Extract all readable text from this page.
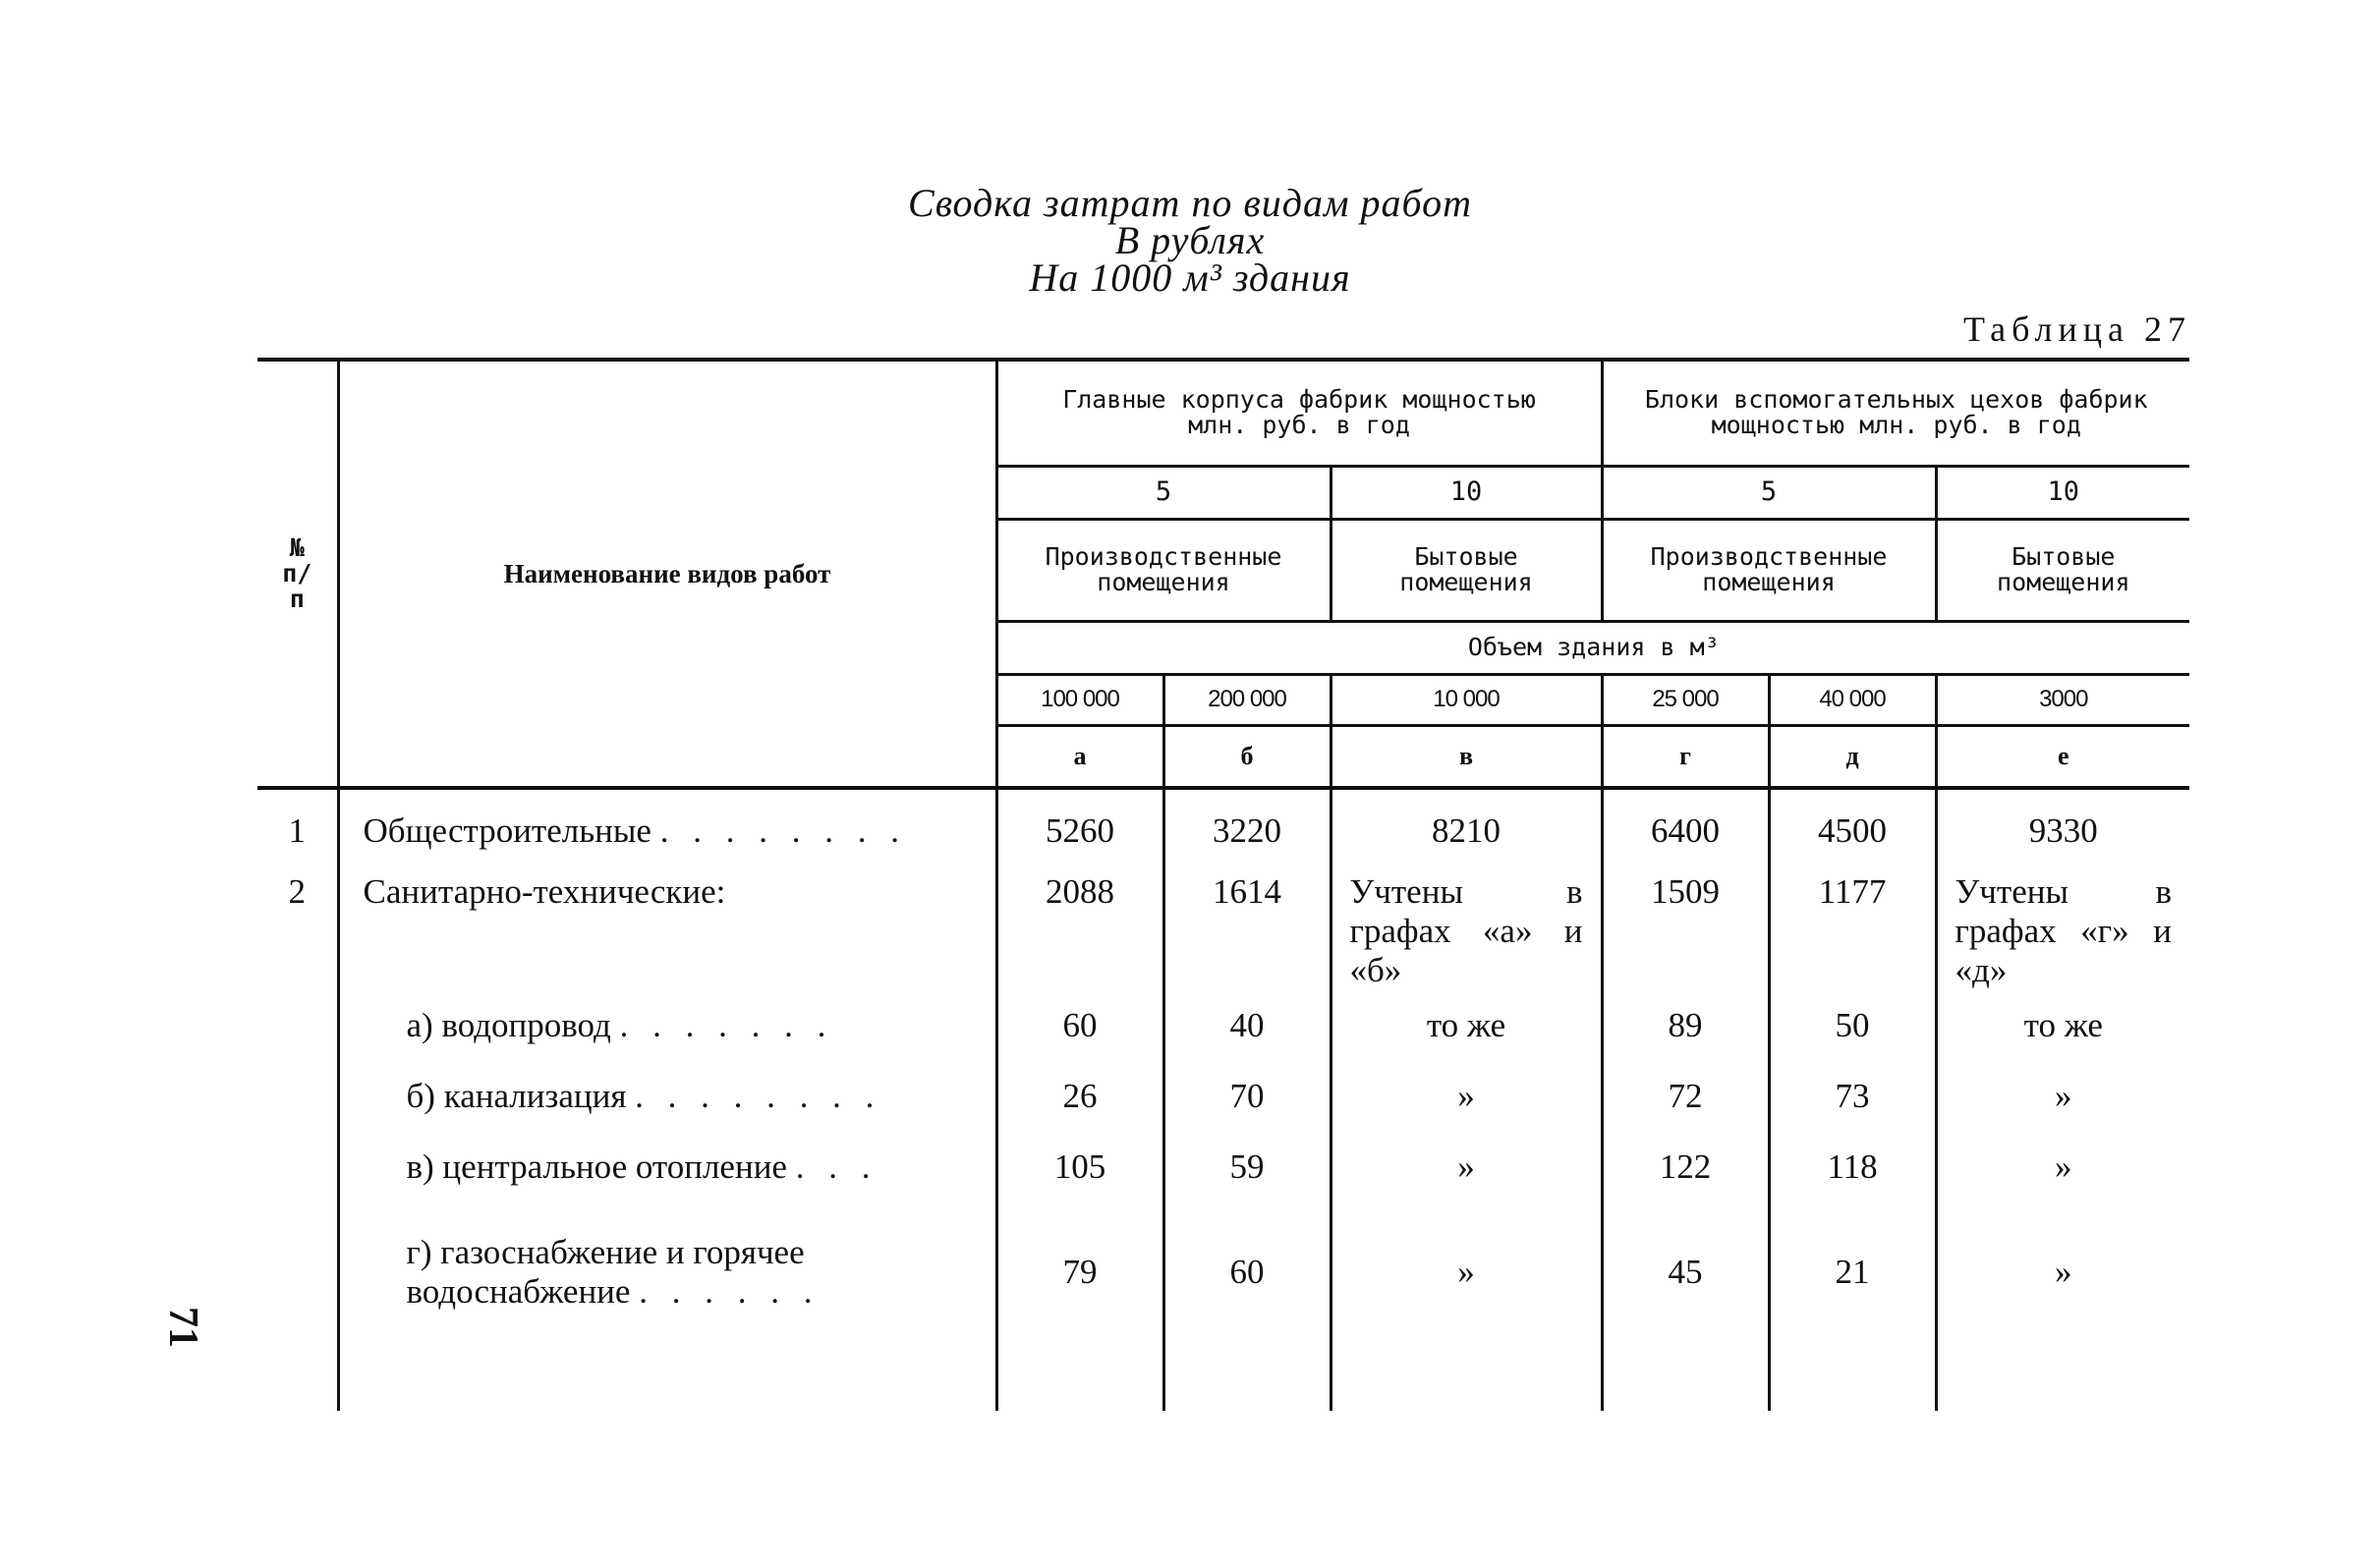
Сводка затрат по видам работ
В рублях
На 1000 м³ здания
Таблица 27
71
№ п/п	Наименование видов работ	Главные корпуса фабрик мощностью млн. руб. в год			Блоки вспомогательных цехов фабрик мощностью млн. руб. в год		
		5		10	5		10
		Производственные помещения		Бытовые помещения	Производственные помещения		Бытовые помещения
		Объем здания в м³					
		100 000	200 000	10 000	25 000	40 000	3000
		а	б	в	г	д	е

1	Общестроительные . . . . . . . .	5260	3220	8210	6400	4500	9330
2	Санитарно-технические:	2088	1614	Учтены в графах «а» и «б»	1509	1177	Учтены в графах «г» и «д»

	а) водопровод . . . . . . .	60	40	то же	89	50	то же
	б) канализация . . . . . . . .	26	70	»	72	73	»
	в) центральное отопление . . .	105	59	»	122	118	»

	г) газоснабжение и горячее водоснабжение . . . . . .	79	60	»	45	21	»
